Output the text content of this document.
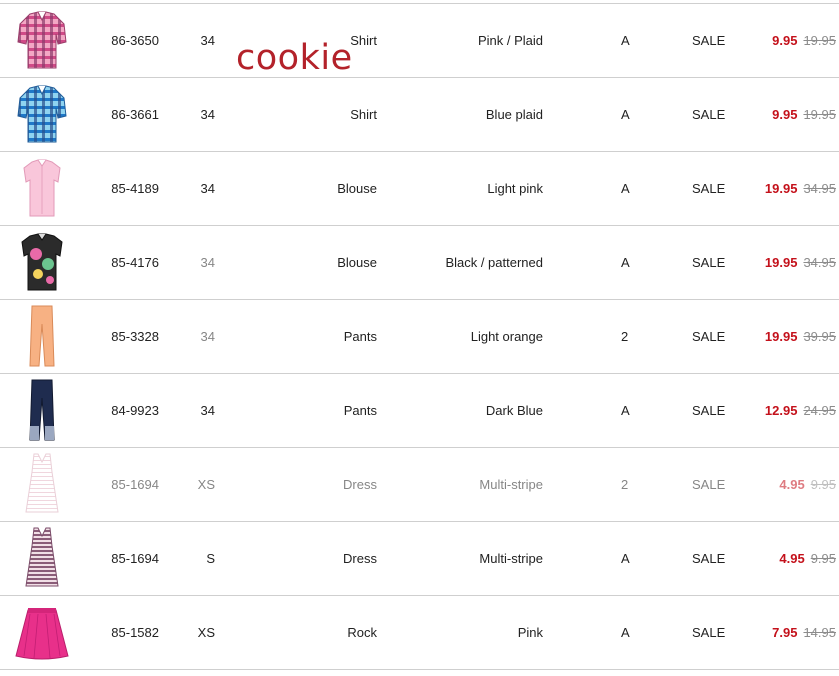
86-3650	34	Shirt	Pink / Plaid	A	SALE	9.95 19.95
86-3661	34	Shirt	Blue plaid	A	SALE	9.95 19.95
85-4189	34	Blouse	Light pink	A	SALE	19.95 34.95
85-4176	34	Blouse	Black / patterned	A	SALE	19.95 34.95
85-3328	34	Pants	Light orange	2	SALE	19.95 39.95
84-9923	34	Pants	Dark Blue	A	SALE	12.95 24.95
85-1694	XS	Dress	Multi-stripe	2	SALE	4.95 9.95
85-1694	S	Dress	Multi-stripe	A	SALE	4.95 9.95
85-1582	XS	Rock	Pink	A	SALE	7.95 14.95
cookie
